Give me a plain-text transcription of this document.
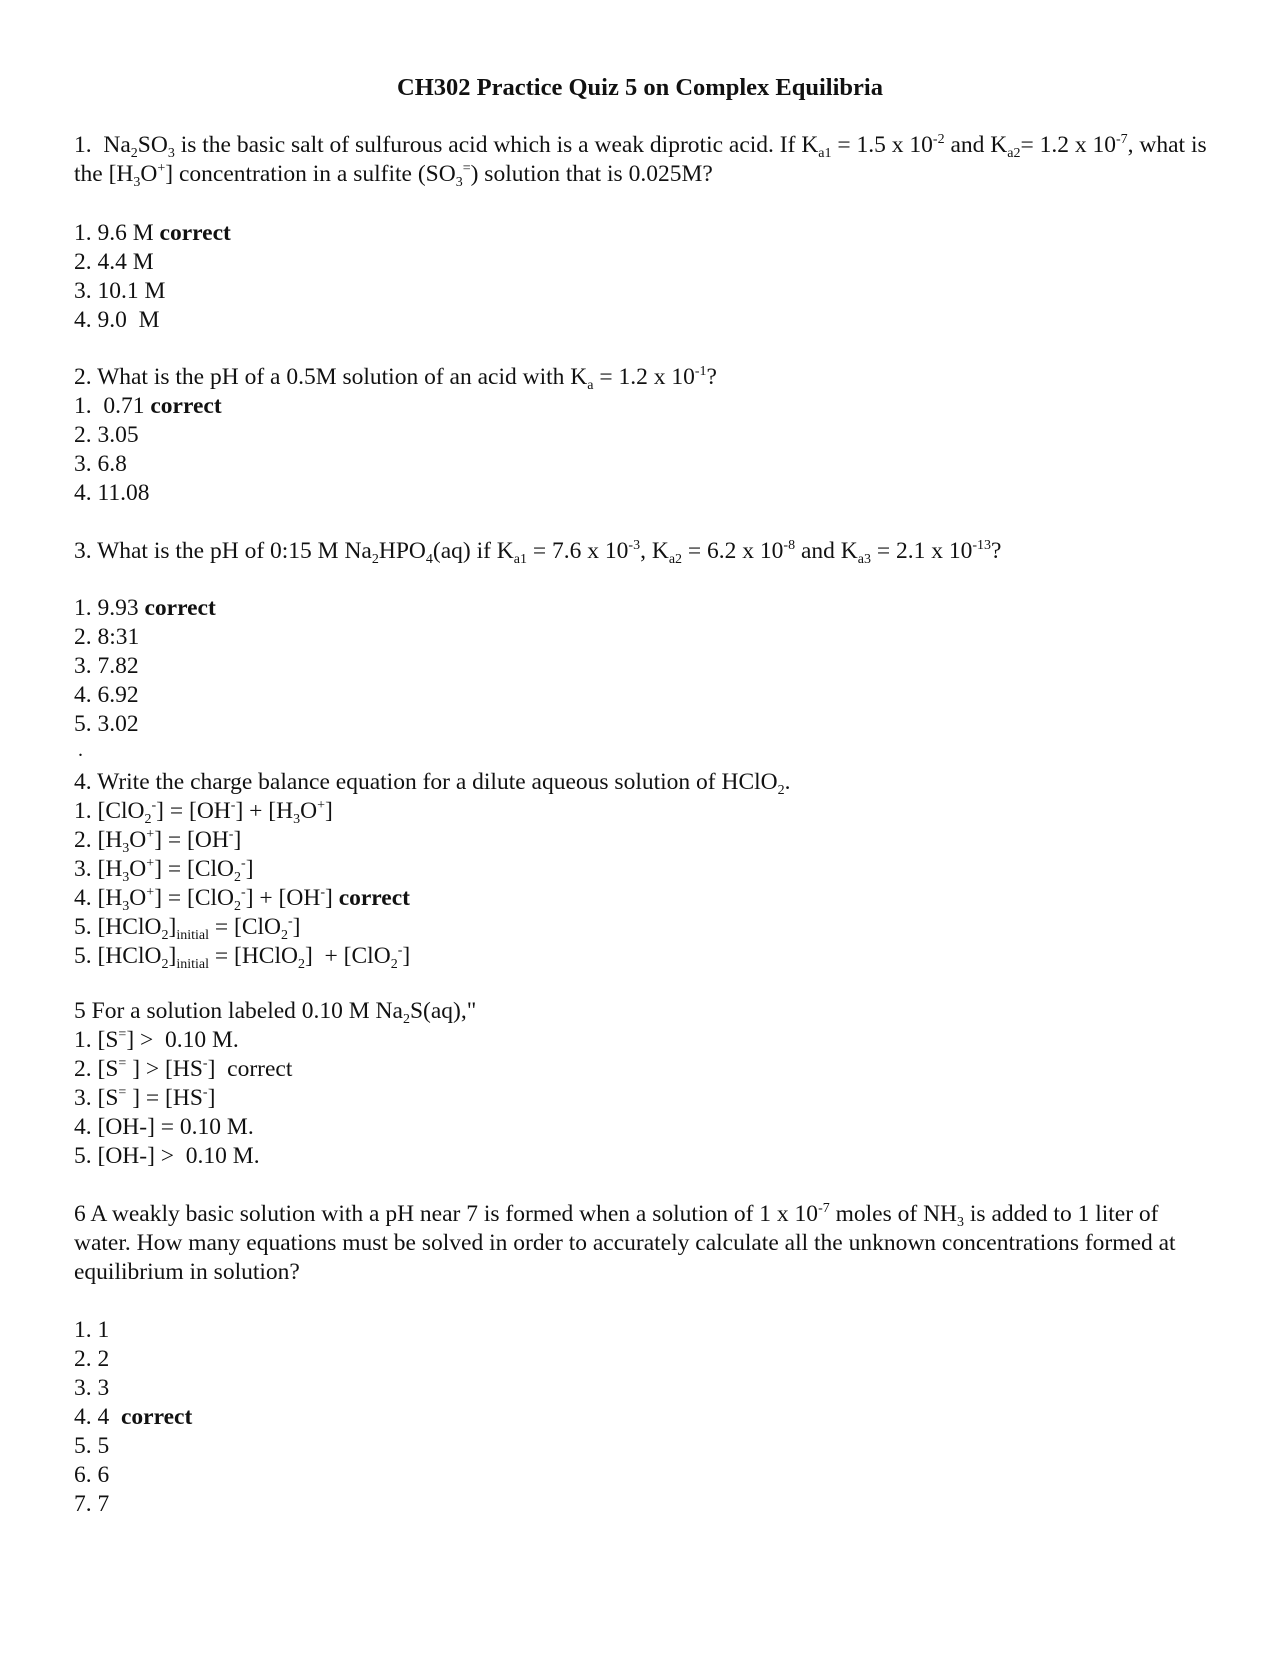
CH302 Practice Quiz 5 on Complex Equilibria

1. $Na_2SO_3$ is the basic salt of sulfurous acid which is a weak diprotic acid. If $K_{a1} = 1.5$ x $10^{-2}$ and $K_{a2}= 1.2$ x $10^{-7}$, what is the $[H_3O^+]$ concentration in a sulfite $(SO_3^=)$ solution that is 0.025M?

1. 9.6 M correct

2. 4.4 M

3. 10.1 M

4. 9.0  M

2. What is the pH of a 0.5M solution of an acid with $K_a = 1.2$ x $10^{-1}$?

1.  0.71 correct

2. 3.05

3. 6.8

4. 11.08

3. What is the pH of 0:15 M $Na_2HPO_4(aq)$ if $K_{a1} = 7.6$ x $10^{-3}$, $K_{a2} = 6.2$ x $10^{-8}$ and $K_{a3} = 2.1$ x $10^{-13}$?

1. 9.93 correct

2. 8:31

3. 7.82

4. 6.92

5. 3.02

.

4. Write the charge balance equation for a dilute aqueous solution of HClO$_2$.

1. $[ClO_2^-] = [OH^-] + [H_3O^+]$

2. $[H_3O^+] = [OH^-]$

3. $[H_3O^+] = [ClO_2^-]$

4. $[H_3O^+] = [ClO_2^-] + [OH^-]$ correct

5. $[HClO_2]_{initial} = [ClO_2^-]$

5. $[HClO_2]_{initial}$ = [HClO$_2$]  + [ClO$_2$-]

5 For a solution labeled 0.10 M $Na_2S(aq)$,"

1. [S=] >  0.10 M.

2. [S= ] > [HS-]  correct

3. [S= ] = [HS-]

4. [OH-] = 0.10 M.

5. [OH-] >  0.10 M.

6 A weakly basic solution with a pH near 7 is formed when a solution of 1 x $10^{-7}$ moles of $NH_3$ is added to 1 liter of water. How many equations must be solved in order to accurately calculate all the unknown concentrations formed at equilibrium in solution?

1. 1

2. 2

3. 3

4. 4  correct

5. 5

6. 6

7. 7
